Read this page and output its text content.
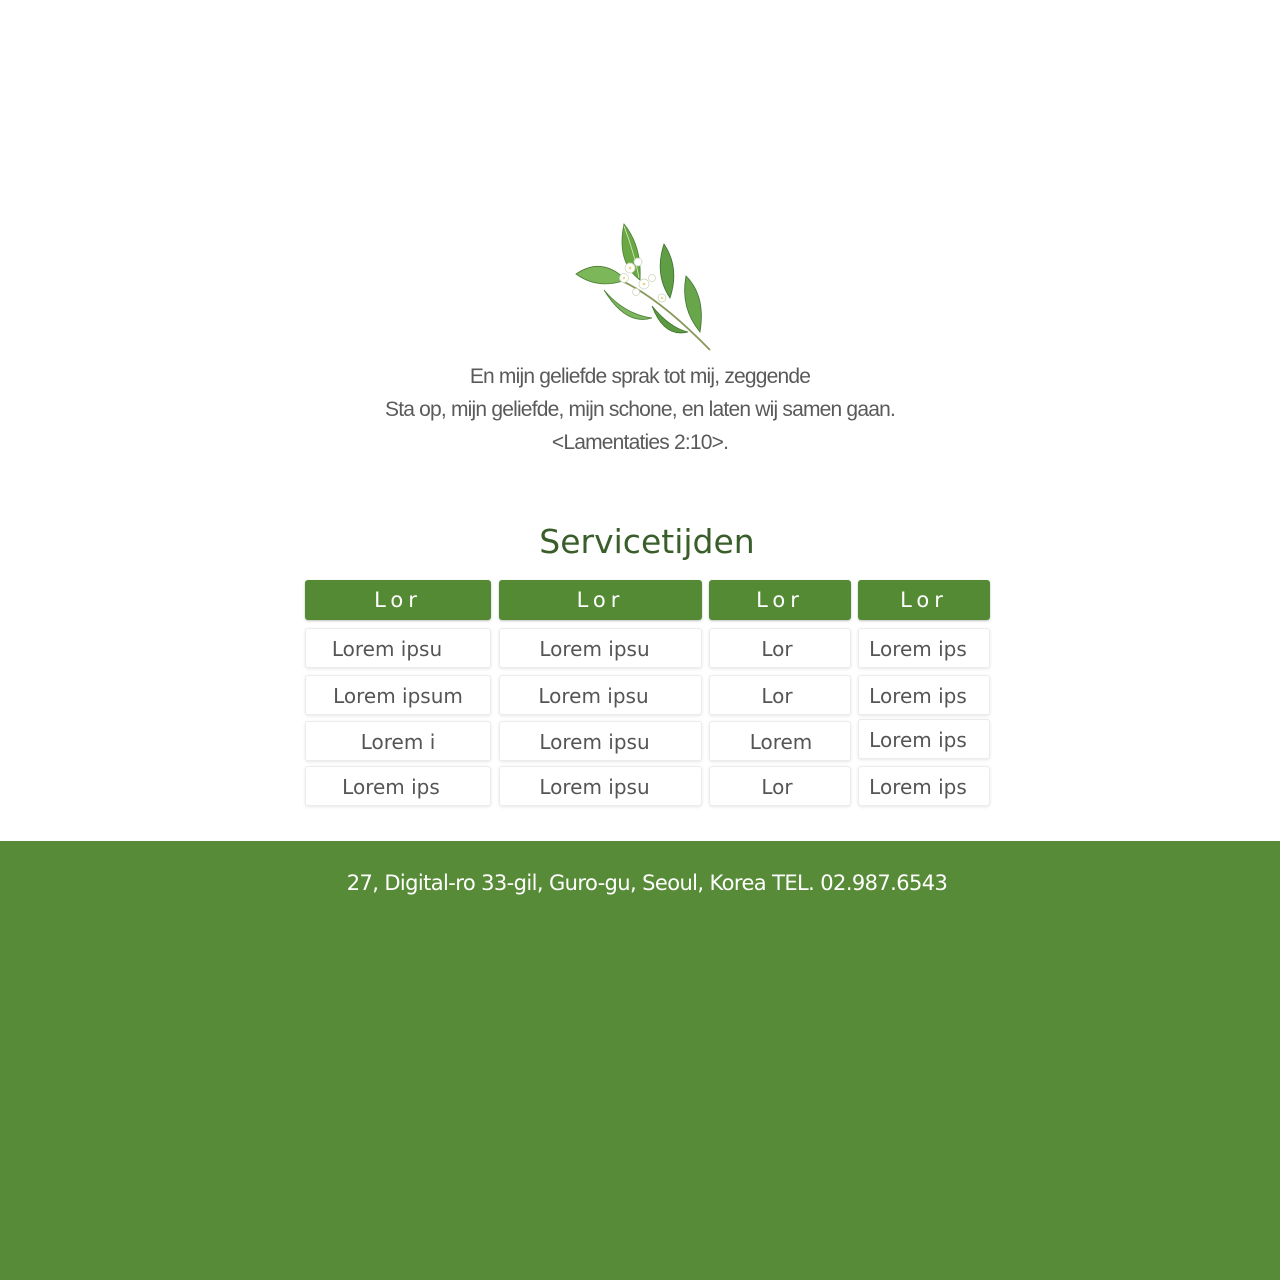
En mijn geliefde sprak tot mij, zeggende
Sta op, mijn geliefde, mijn schone, en laten wij samen gaan.
<Lamentaties 2:10>.
Servicetijden
Lor	Lor	Lor	Lor
Lorem ipsu	Lorem ipsu	Lor	Lorem ips
Lorem ipsum	Lorem ipsu	Lor	Lorem ips
Lorem i	Lorem ipsu	Lorem	Lorem ips
Lorem ips	Lorem ipsu	Lor	Lorem ips
27, Digital-ro 33-gil, Guro-gu, Seoul, Korea TEL. 02.987.6543
